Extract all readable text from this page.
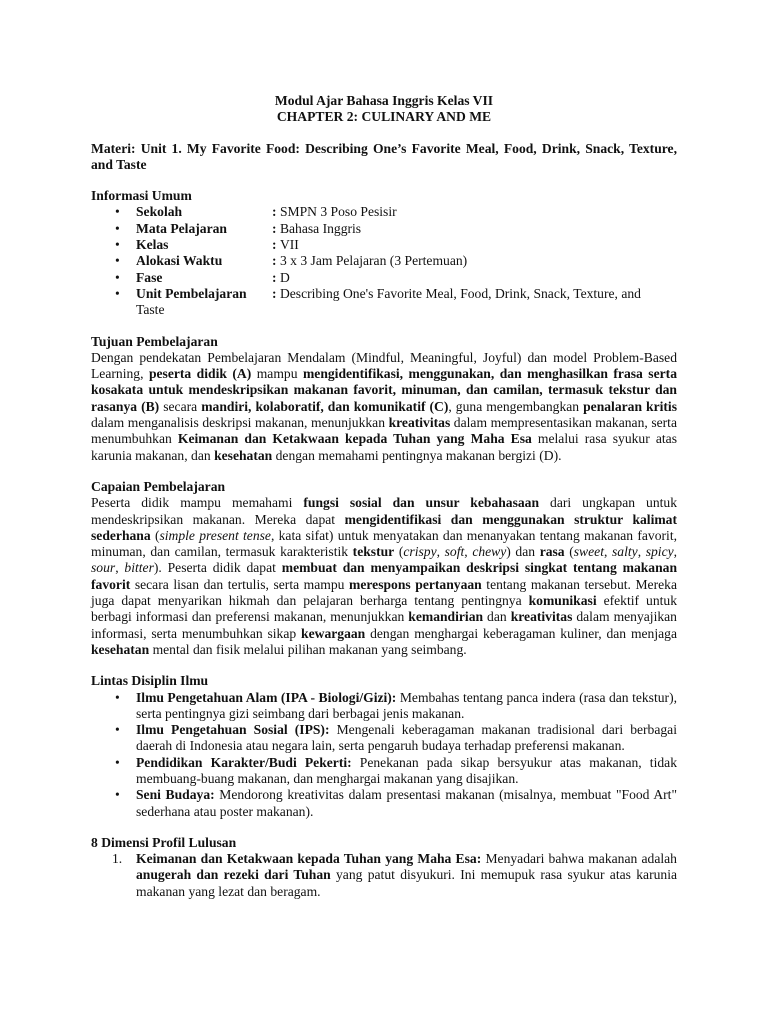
Modul Ajar Bahasa Inggris Kelas VII
CHAPTER 2: CULINARY AND ME
Materi: Unit 1. My Favorite Food: Describing One’s Favorite Meal, Food, Drink, Snack, Texture, and Taste
Informasi Umum
• Sekolah	: SMPN 3 Poso Pesisir
• Mata Pelajaran	: Bahasa Inggris
• Kelas	: VII
• Alokasi Waktu	: 3 x 3 Jam Pelajaran (3 Pertemuan)
• Fase	: D
• Unit Pembelajaran	: Describing One's Favorite Meal, Food, Drink, Snack, Texture, and
Taste
Tujuan Pembelajaran

Dengan pendekatan Pembelajaran Mendalam (Mindful, Meaningful, Joyful) dan model Problem-Based Learning, peserta didik (A) mampu mengidentifikasi, menggunakan, dan menghasilkan frasa serta kosakata untuk mendeskripsikan makanan favorit, minuman, dan camilan, termasuk tekstur dan rasanya (B) secara mandiri, kolaboratif, dan komunikatif (C), guna mengembangkan penalaran kritis dalam menganalisis deskripsi makanan, menunjukkan kreativitas dalam mempresentasikan makanan, serta menumbuhkan Keimanan dan Ketakwaan kepada Tuhan yang Maha Esa melalui rasa syukur atas karunia makanan, dan kesehatan dengan memahami pentingnya makanan bergizi (D).

Capaian Pembelajaran

Peserta didik mampu memahami fungsi sosial dan unsur kebahasaan dari ungkapan untuk mendeskripsikan makanan. Mereka dapat mengidentifikasi dan menggunakan struktur kalimat sederhana (simple present tense, kata sifat) untuk menyatakan dan menanyakan tentang makanan favorit, minuman, dan camilan, termasuk karakteristik tekstur (crispy, soft, chewy) dan rasa (sweet, salty, spicy, sour, bitter). Peserta didik dapat membuat dan menyampaikan deskripsi singkat tentang makanan favorit secara lisan dan tertulis, serta mampu merespons pertanyaan tentang makanan tersebut. Mereka juga dapat menyarikan hikmah dan pelajaran berharga tentang pentingnya komunikasi efektif untuk berbagi informasi dan preferensi makanan, menunjukkan kemandirian dan kreativitas dalam menyajikan informasi, serta menumbuhkan sikap kewargaan dengan menghargai keberagaman kuliner, dan menjaga kesehatan mental dan fisik melalui pilihan makanan yang seimbang.

Lintas Disiplin Ilmu
• Ilmu Pengetahuan Alam (IPA - Biologi/Gizi): Membahas tentang panca indera (rasa dan tekstur), serta pentingnya gizi seimbang dari berbagai jenis makanan.
• Ilmu Pengetahuan Sosial (IPS): Mengenali keberagaman makanan tradisional dari berbagai daerah di Indonesia atau negara lain, serta pengaruh budaya terhadap preferensi makanan.
• Pendidikan Karakter/Budi Pekerti: Penekanan pada sikap bersyukur atas makanan, tidak membuang-buang makanan, dan menghargai makanan yang disajikan.
• Seni Budaya: Mendorong kreativitas dalam presentasi makanan (misalnya, membuat "Food Art" sederhana atau poster makanan).
8 Dimensi Profil Lulusan
1. Keimanan dan Ketakwaan kepada Tuhan yang Maha Esa: Menyadari bahwa makanan adalah anugerah dan rezeki dari Tuhan yang patut disyukuri. Ini memupuk rasa syukur atas karunia makanan yang lezat dan beragam.
